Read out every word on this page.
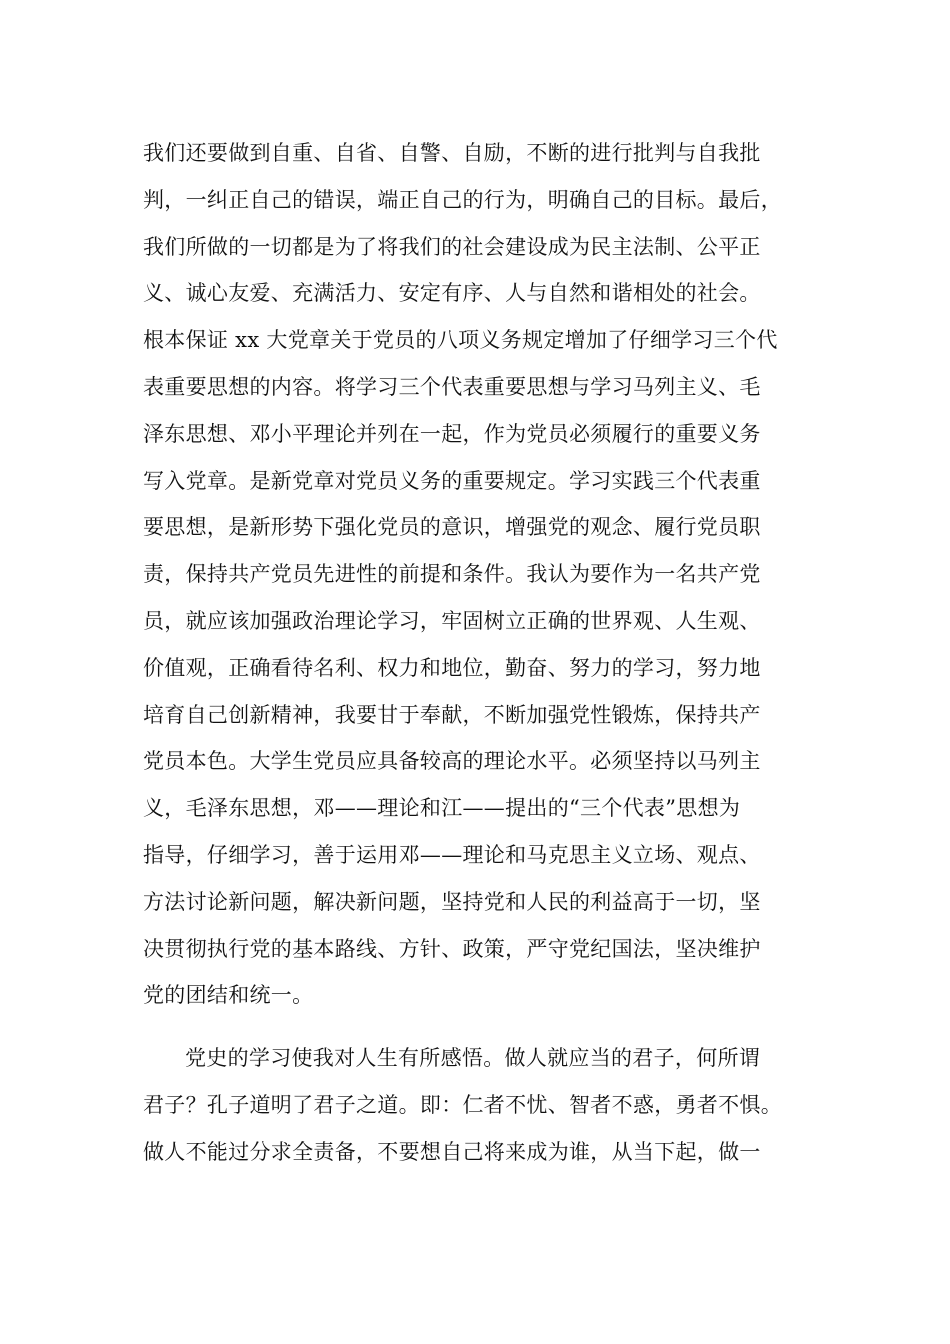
我们还要做到自重、自省、自警、自励，不断的进行批判与自我批
判，一纠正自己的错误，端正自己的行为，明确自己的目标。最后，
我们所做的一切都是为了将我们的社会建设成为民主法制、公平正
义、诚心友爱、充满活力、安定有序、人与自然和谐相处的社会。
根本保证 xx 大党章关于党员的八项义务规定增加了仔细学习三个代
表重要思想的内容。将学习三个代表重要思想与学习马列主义、毛
泽东思想、邓小平理论并列在一起，作为党员必须履行的重要义务
写入党章。是新党章对党员义务的重要规定。学习实践三个代表重
要思想，是新形势下强化党员的意识，增强党的观念、履行党员职
责，保持共产党员先进性的前提和条件。我认为要作为一名共产党
员，就应该加强政治理论学习，牢固树立正确的世界观、人生观、
价值观，正确看待名利、权力和地位，勤奋、努力的学习，努力地
培育自己创新精神，我要甘于奉献，不断加强党性锻炼，保持共产
党员本色。大学生党员应具备较高的理论水平。必须坚持以马列主
义，毛泽东思想，邓——理论和江——提出的“三个代表”思想为
指导，仔细学习，善于运用邓——理论和马克思主义立场、观点、
方法讨论新问题，解决新问题，坚持党和人民的利益高于一切，坚
决贯彻执行党的基本路线、方针、政策，严守党纪国法，坚决维护
党的团结和统一。
党史的学习使我对人生有所感悟。做人就应当的君子，何所谓
君子？孔子道明了君子之道。即：仁者不忧、智者不惑，勇者不惧。
做人不能过分求全责备，不要想自己将来成为谁，从当下起，做一
